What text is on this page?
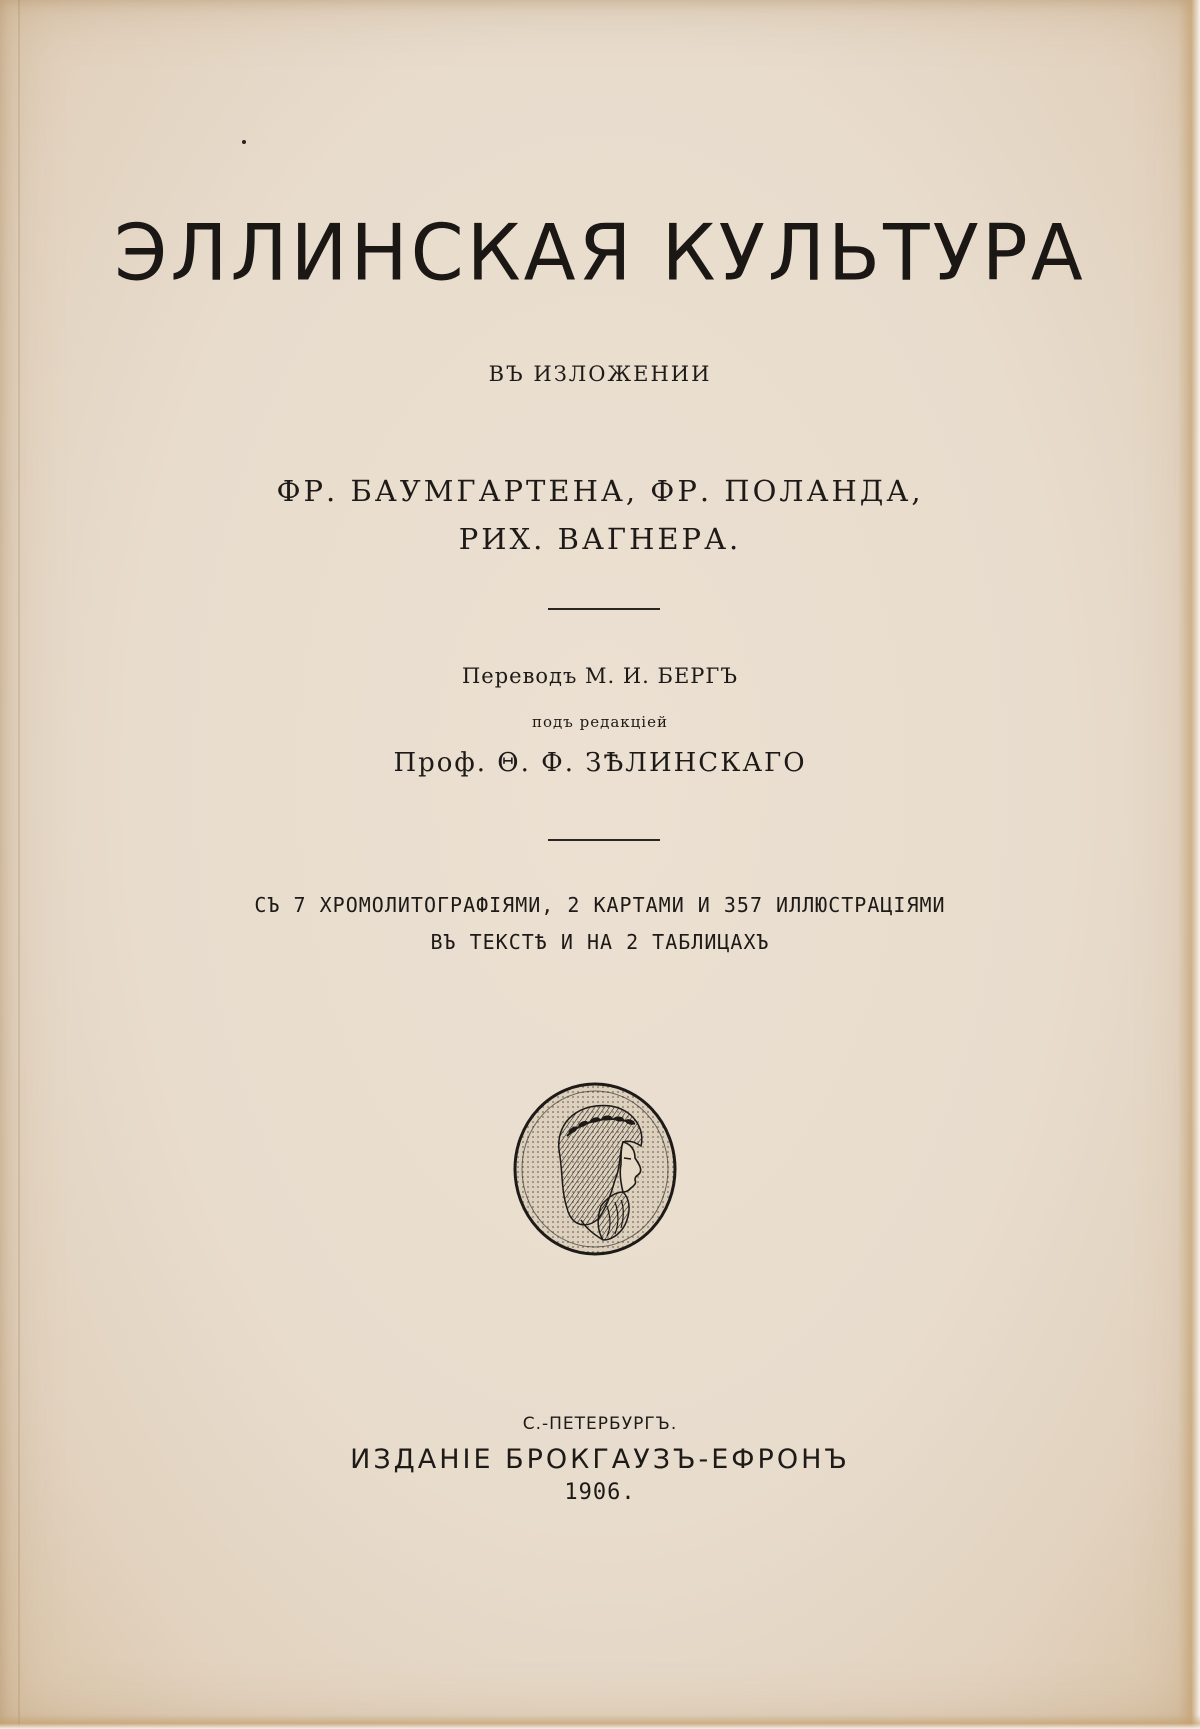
ЭЛЛИНСКАЯ КУЛЬТУРА
ВЪ ИЗЛОЖЕНИИ
ФР. БАУМГАРТЕНА, ФР. ПОЛАНДА,
РИХ. ВАГНЕРА.
Переводъ М. И. БЕРГЪ
подъ редакціей
Проф. Θ. Ф. ЗѢЛИНСКАГО
СЪ 7 ХРОМОЛИТОГРАФІЯМИ, 2 КАРТАМИ И 357 ИЛЛЮСТРАЦІЯМИ
ВЪ ТЕКСТѢ И НА 2 ТАБЛИЦАХЪ
С.-ПЕТЕРБУРГЪ.
ИЗДАНІЕ БРОКГАУЗЪ-ЕФРОНЪ
1906.
